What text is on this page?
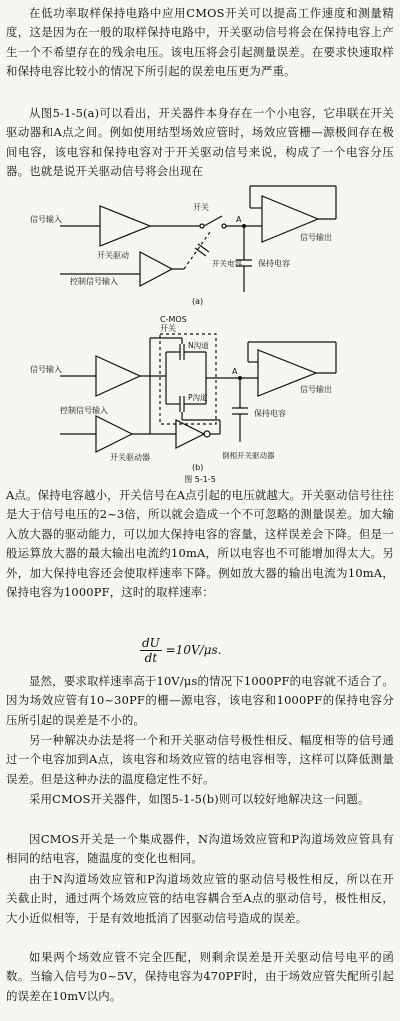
在低功率取样保持电路中应用CMOS开关可以提高工作速度和测量精度，这是因为在一般的取样保持电路中，开关驱动信号将会在保持电容上产生一个不希望存在的残余电压。该电压将会引起测量误差。在要求快速取样和保持电容比较小的情况下所引起的误差电压更为严重。
从图5-1-5(a)可以看出，开关器件本身存在一个小电容，它串联在开关驱动器和A点之间。例如使用结型场效应管时，场效应管栅—源极间存在极间电容，该电容和保持电容对于开关驱动信号来说，构成了一个电容分压器。也就是说开关驱动信号将会出现在
信号输入
开关
A
信号输出
开关驱动
控制信号输入
开关电容 保持电容
(a)
C-MOS
开关
N沟道
P沟道
信号输入
控制信号输入
开关驱动器
A
信号输出
保持电容
倒相开关驱动器
(b)
图 5-1-5
A点。保持电容越小，开关信号在A点引起的电压就越大。开关驱动信号往往是大于信号电压的2~3倍，所以就会造成一个不可忽略的测量误差。加大输入放大器的驱动能力，可以加大保持电容的容量，这样误差会下降。但是一般运算放大器的最大输出电流约10mA，所以电容也不可能增加得太大。另外，加大保持电容还会使取样速率下降。例如放大器的输出电流为10mA，保持电容为1000PF，这时的取样速率：
$\frac{dU}{dt} =10V/\mu s$.
显然，要求取样速率高于10V/μs的情况下1000PF的电容就不适合了。因为场效应管有10~30PF的栅—源电容，该电容和1000PF的保持电容分压所引起的误差是不小的。
另一种解决办法是将一个和开关驱动信号极性相反、幅度相等的信号通过一个电容加到A点，该电容和场效应管的结电容相等，这样可以降低测量误差。但是这种办法的温度稳定性不好。
采用CMOS开关器件，如图5-1-5(b)则可以较好地解决这一问题。
因CMOS开关是一个集成器件，N沟道场效应管和P沟道场效应管具有相同的结电容，随温度的变化也相同。
由于N沟道场效应管和P沟道场效应管的驱动信号极性相反，所以在开关截止时，通过两个场效应管的结电容耦合至A点的驱动信号，极性相反，大小近似相等，于是有效地抵消了因驱动信号造成的误差。
如果两个场效应管不完全匹配，则剩余误差是开关驱动信号电平的函数。当输入信号为0~5V，保持电容为470PF时，由于场效应管失配所引起的误差在10mV以内。
